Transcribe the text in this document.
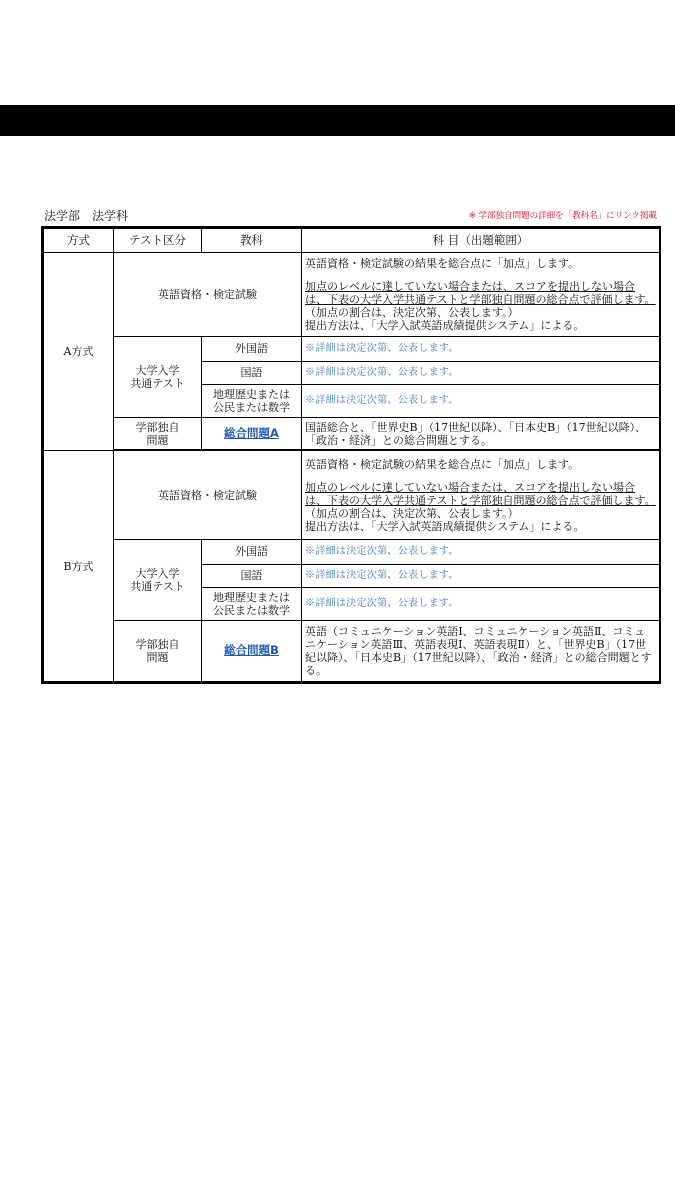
法学部　法学科	※ 学部独自問題の詳細を「教科名」にリンク掲載
方式	テスト区分	教科	科 目（出題範囲）
A方式	英語資格・検定試験		英語資格・検定試験の結果を総合点に「加点」します。

加点のレベルに達していない場合または、スコアを提出しない場合は、下表の大学入学共通テストと学部独自問題の総合点で評価します。（加点の割合は、決定次第、公表します。）

提出方法は、「大学入試英語成績提供システム」による。

	大学入学
共通テスト	外国語	※詳細は決定次第、公表します。
		国語	※詳細は決定次第、公表します。

		地理歴史または
公民または数学	※詳細は決定次第、公表します。

	学部独自
問題	総合問題A	国語総合と、「世界史B」（17世紀以降）、「日本史B」（17世紀以降）、「政治・経済」との総合問題とする。

B方式	英語資格・検定試験		英語資格・検定試験の結果を総合点に「加点」します。

加点のレベルに達していない場合または、スコアを提出しない場合は、下表の大学入学共通テストと学部独自問題の総合点で評価します。（加点の割合は、決定次第、公表します。）

提出方法は、「大学入試英語成績提供システム」による。

	大学入学
共通テスト	外国語	※詳細は決定次第、公表します。
		国語	※詳細は決定次第、公表します。

		地理歴史または
公民または数学	※詳細は決定次第、公表します。

	学部独自
問題	総合問題B	英語（コミュニケーション英語Ⅰ、コミュニケーション英語Ⅱ、コミュニケーション英語Ⅲ、英語表現Ⅰ、英語表現Ⅱ）と、「世界史B」（17世紀以降）、「日本史B」（17世紀以降）、「政治・経済」との総合問題とする。
